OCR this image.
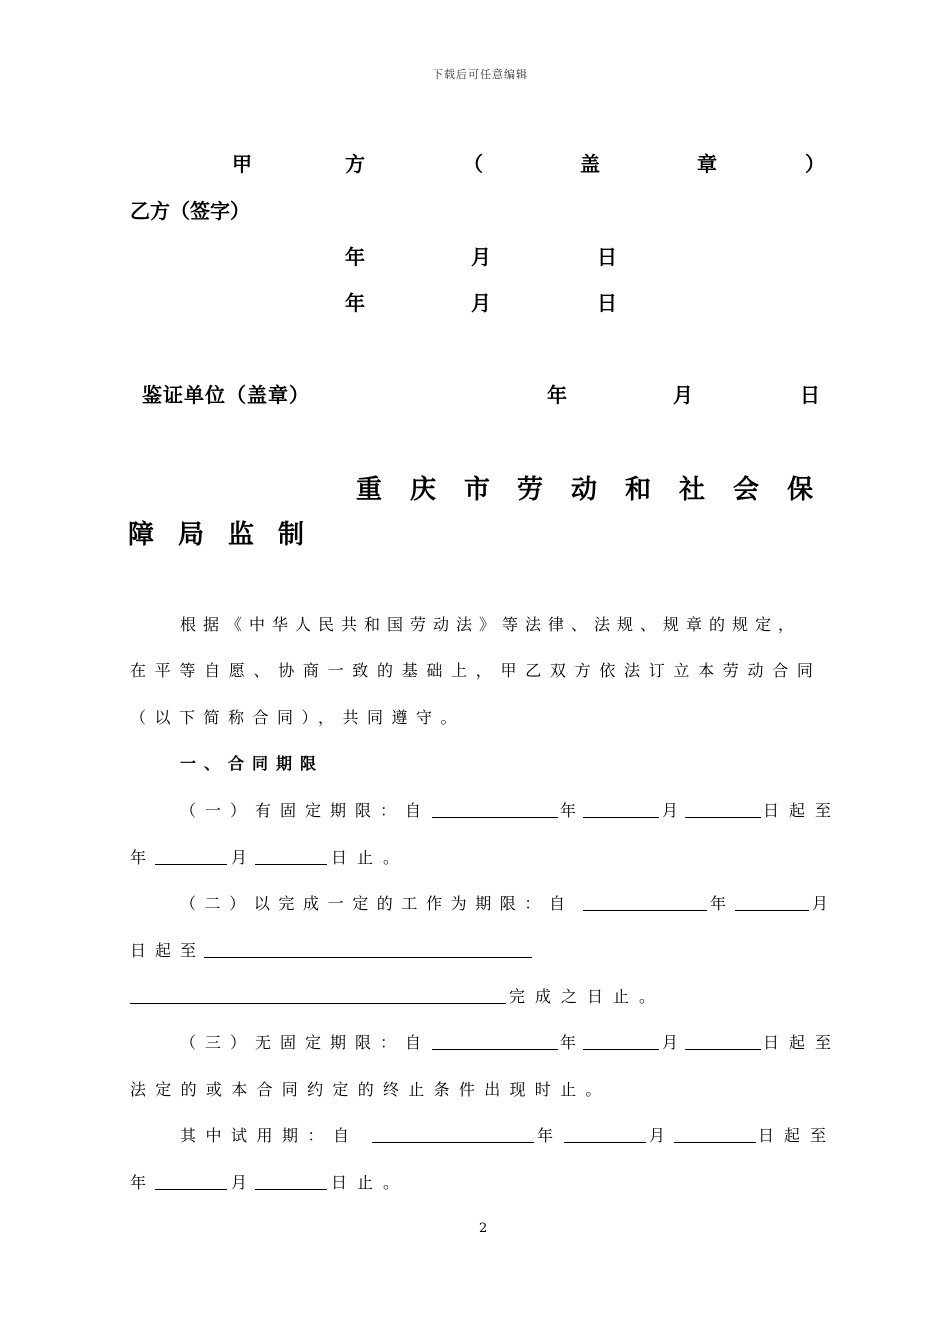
下载后可任意编辑
甲	方	（	盖	章	）
乙方（签字）
年	月	日
年	月	日
鉴证单位（盖章）	年	月	日
重 庆 市 劳 动 和 社 会 保
障 局 监 制
根据《中华人民共和国劳动法》等法律、法规、规章的规定，
在平等自愿、协商一致的基础上，甲乙双方依法订立本劳动合同
（以下简称合同），共同遵守。
一、合同期限
（一）有固定期限：自	年	月	日起至
年	月	日止。
（二）以完成一定的工作为期限：自	年	月
日起至
完成之日止。
（三）无固定期限：自	年	月	日起至
法定的或本合同约定的终止条件出现时止。
其中试用期：自	年	月	日起至
年	月	日止。
2
